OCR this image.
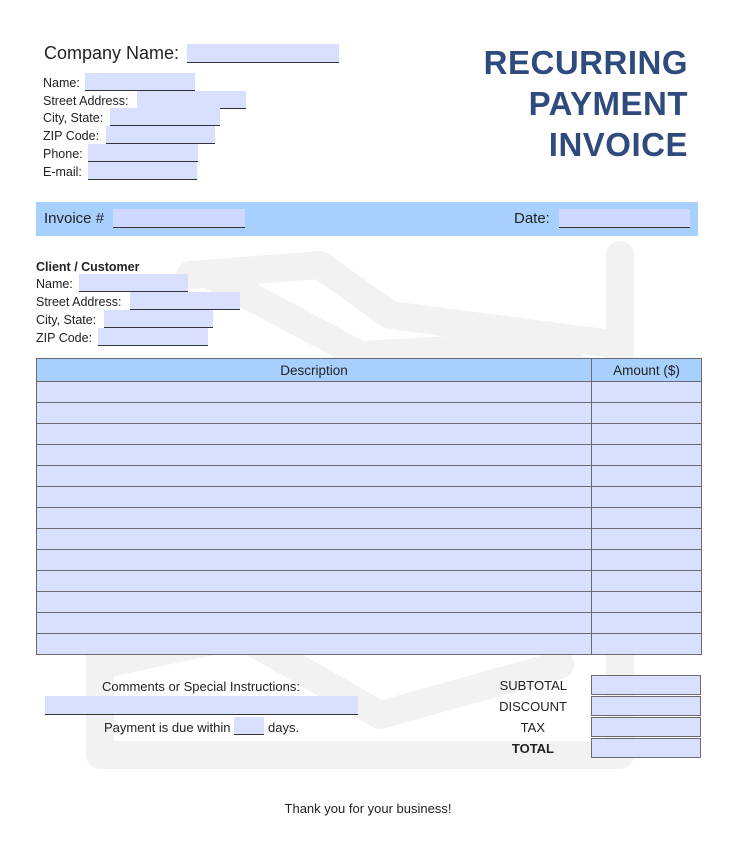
Company Name:
Name:
Street Address:
City, State:
ZIP Code:
Phone:
E-mail:
RECURRING
PAYMENT
INVOICE
Invoice #	Date:
Client / Customer
Name:
Street Address:
City, State:
ZIP Code:
Description	Amount ($)

Comments or Special Instructions:
Payment is due within	days.
SUBTOTAL
DISCOUNT
TAX
TOTAL
Thank you for your business!
